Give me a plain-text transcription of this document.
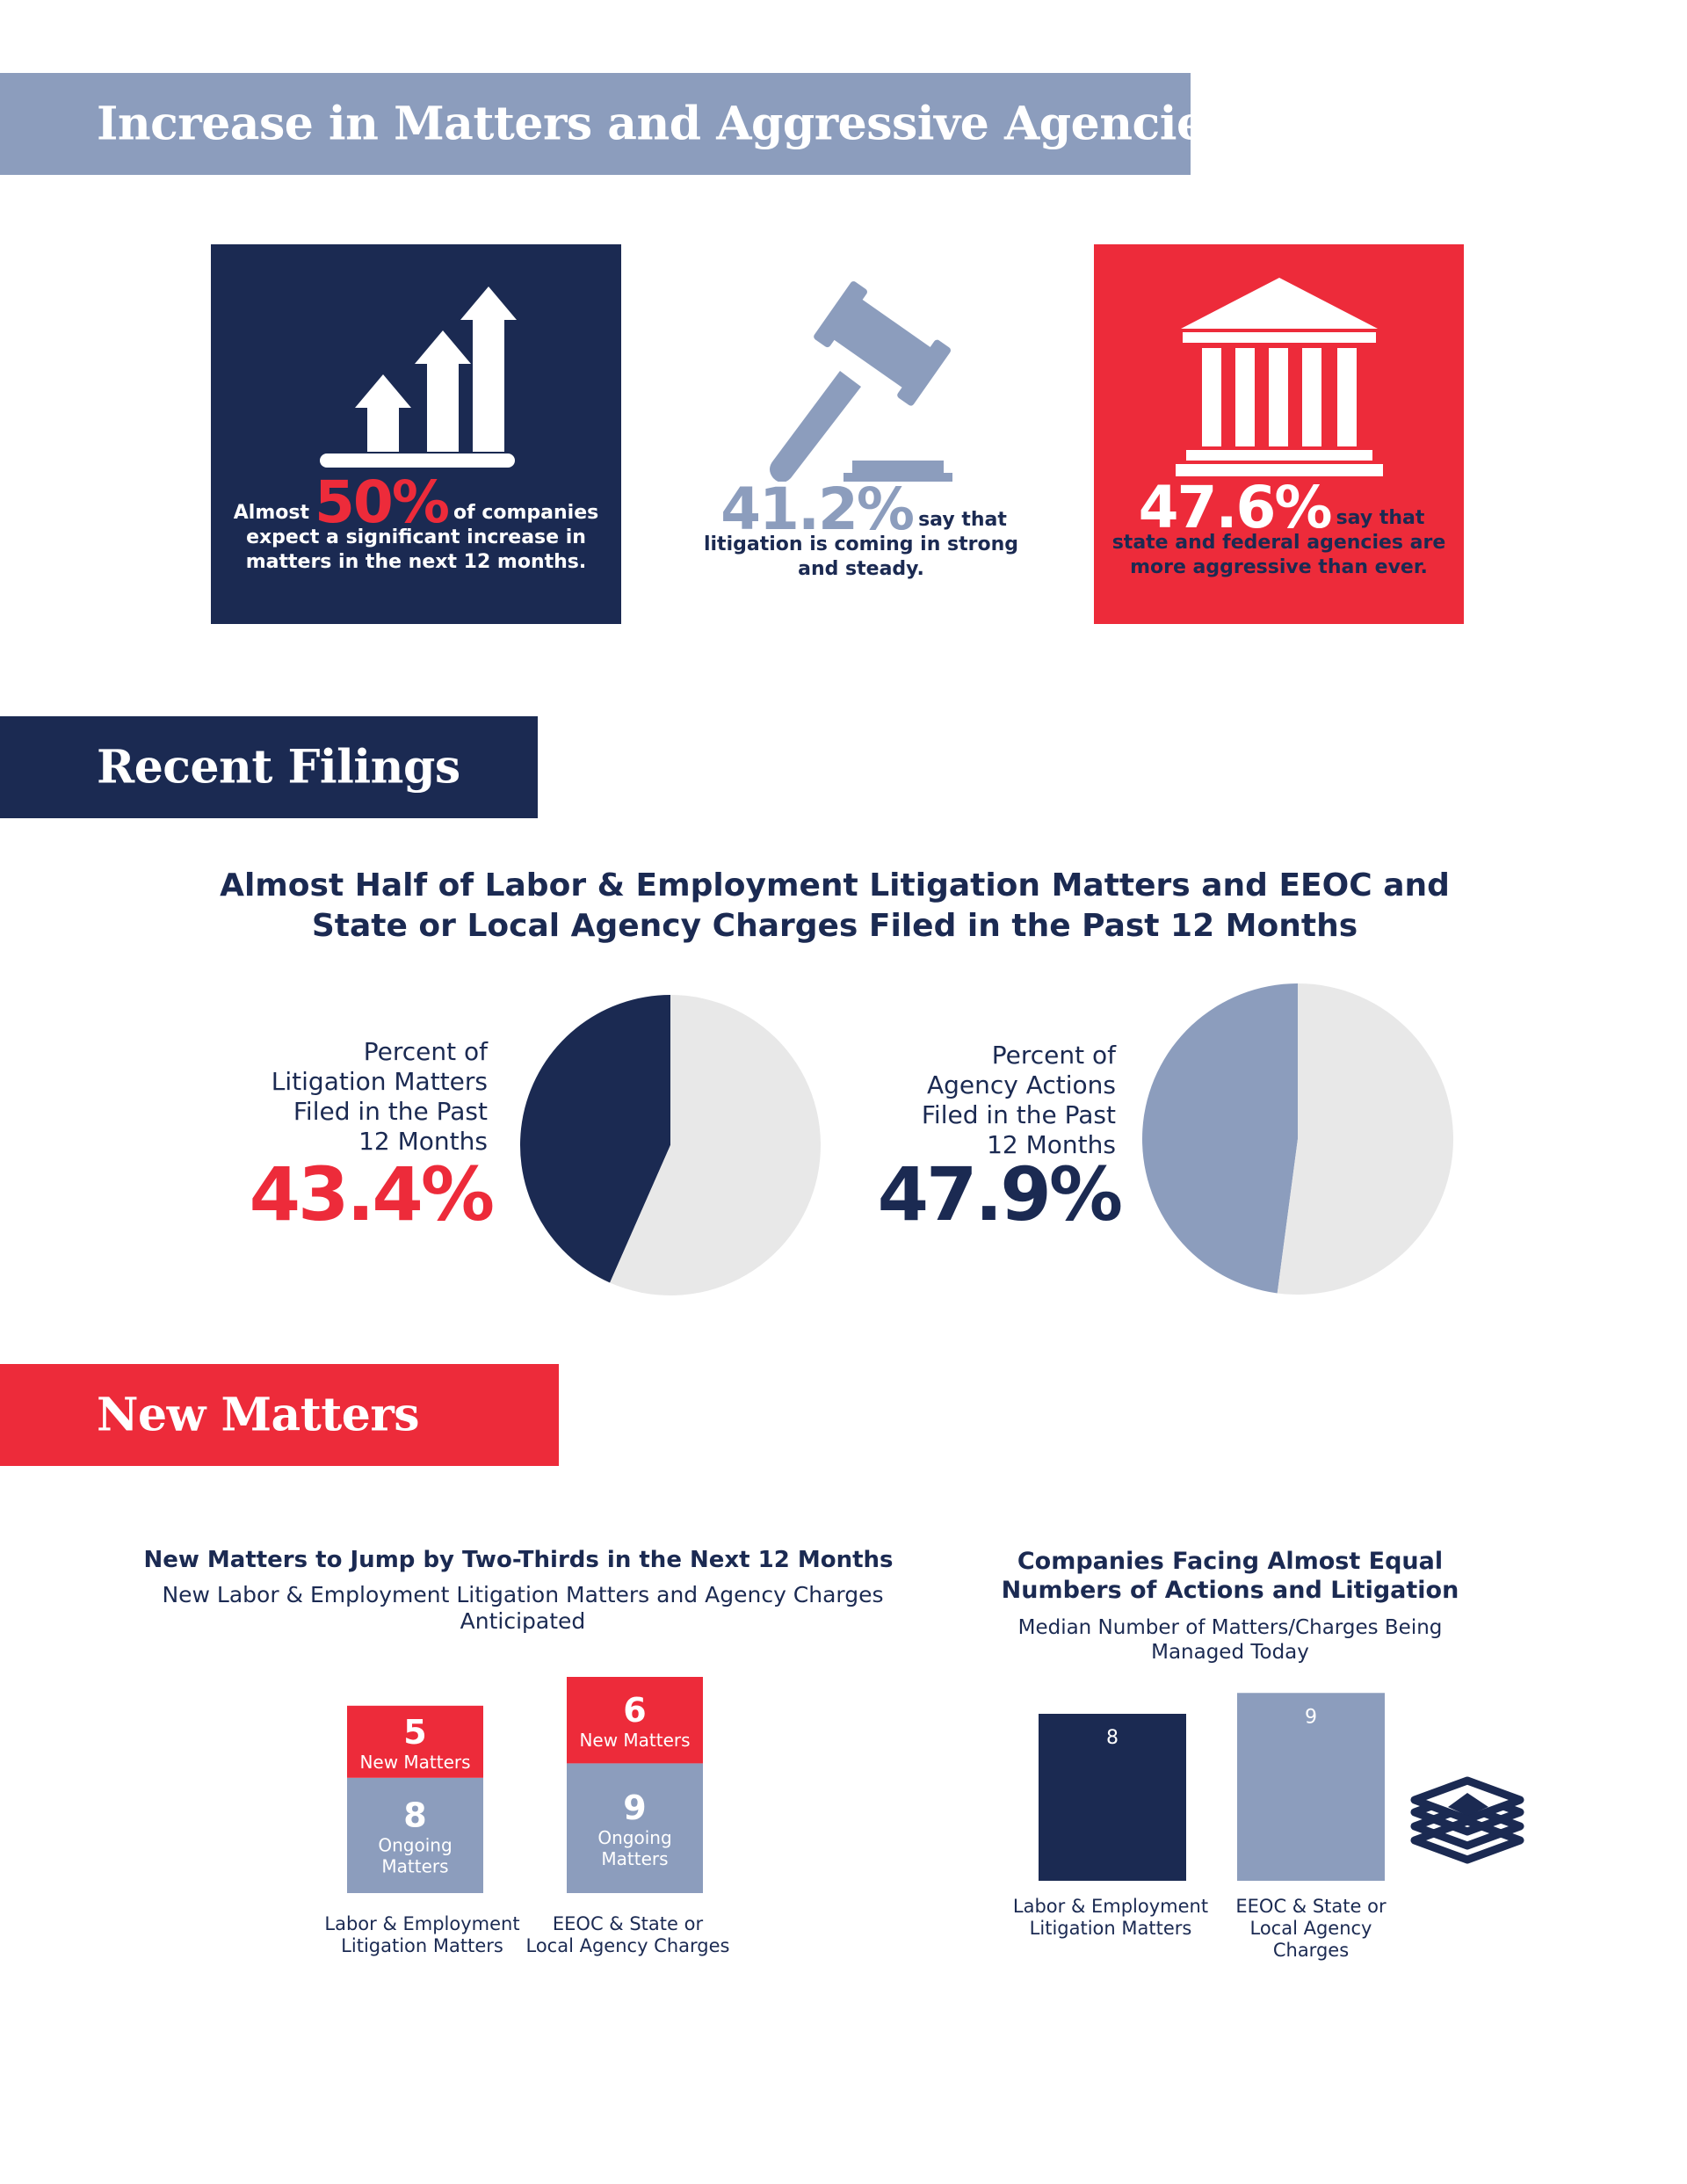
Increase in Matters and Aggressive Agencies
Recent Filings
New Matters
Almost50% of companies
expect a significant increase in matters in the next 12 months.
41.2% say that
litigation is coming in strong and steady.
47.6% say that
state and federal agencies are more aggressive than ever.
Almost Half of Labor & Employment Litigation Matters and EEOC and State or Local Agency Charges Filed in the Past 12 Months
Percent of
Litigation Matters
Filed in the Past
12 Months
43.4%
Percent of
Agency Actions
Filed in the Past
12 Months
47.9%
New Matters to Jump by Two-Thirds in the Next 12 Months
New Labor & Employment Litigation Matters and Agency Charges Anticipated
Companies Facing Almost Equal Numbers of Actions and Litigation
Median Number of Matters/Charges Being Managed Today
8
Ongoing
Matters
5
New Matters
Labor & Employment
Litigation Matters
9
Ongoing
Matters
6
New Matters
EEOC & State or
Local Agency Charges
8
Labor & Employment
Litigation Matters
9
EEOC & State or
Local Agency
Charges
